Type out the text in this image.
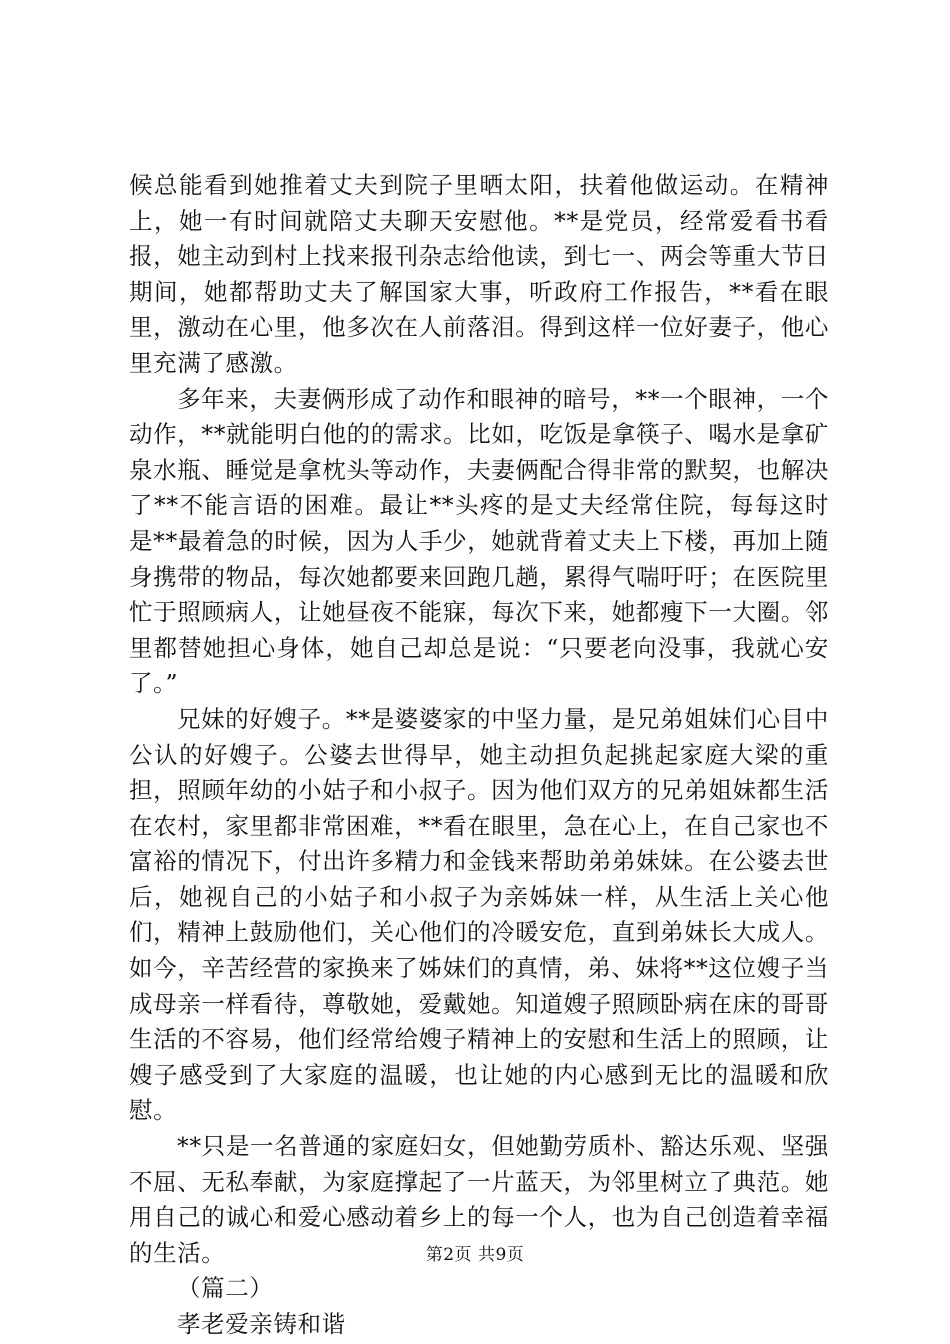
候总能看到她推着丈夫到院子里晒太阳，扶着他做运动。在精神上，她一有时间就陪丈夫聊天安慰他。**是党员，经常爱看书看报，她主动到村上找来报刊杂志给他读，到七一、两会等重大节日期间，她都帮助丈夫了解国家大事，听政府工作报告，**看在眼里，激动在心里，他多次在人前落泪。得到这样一位好妻子，他心里充满了感激。

多年来，夫妻俩形成了动作和眼神的暗号，**一个眼神，一个动作，**就能明白他的的需求。比如，吃饭是拿筷子、喝水是拿矿泉水瓶、睡觉是拿枕头等动作，夫妻俩配合得非常的默契，也解决了**不能言语的困难。最让**头疼的是丈夫经常住院，每每这时是**最着急的时候，因为人手少，她就背着丈夫上下楼，再加上随身携带的物品，每次她都要来回跑几趟，累得气喘吁吁；在医院里忙于照顾病人，让她昼夜不能寐，每次下来，她都瘦下一大圈。邻里都替她担心身体，她自己却总是说：“只要老向没事，我就心安了。”

兄妹的好嫂子。**是婆婆家的中坚力量，是兄弟姐妹们心目中公认的好嫂子。公婆去世得早，她主动担负起挑起家庭大梁的重担，照顾年幼的小姑子和小叔子。因为他们双方的兄弟姐妹都生活在农村，家里都非常困难，**看在眼里，急在心上，在自己家也不富裕的情况下，付出许多精力和金钱来帮助弟弟妹妹。在公婆去世后，她视自己的小姑子和小叔子为亲姊妹一样，从生活上关心他们，精神上鼓励他们，关心他们的冷暖安危，直到弟妹长大成人。如今，辛苦经营的家换来了姊妹们的真情，弟、妹将**这位嫂子当成母亲一样看待，尊敬她，爱戴她。知道嫂子照顾卧病在床的哥哥生活的不容易，他们经常给嫂子精神上的安慰和生活上的照顾，让嫂子感受到了大家庭的温暖，也让她的内心感到无比的温暖和欣慰。

**只是一名普通的家庭妇女，但她勤劳质朴、豁达乐观、坚强不屈、无私奉献，为家庭撑起了一片蓝天，为邻里树立了典范。她用自己的诚心和爱心感动着乡上的每一个人，也为自己创造着幸福的生活。

（篇二）

孝老爱亲铸和谐

第2页 共9页
